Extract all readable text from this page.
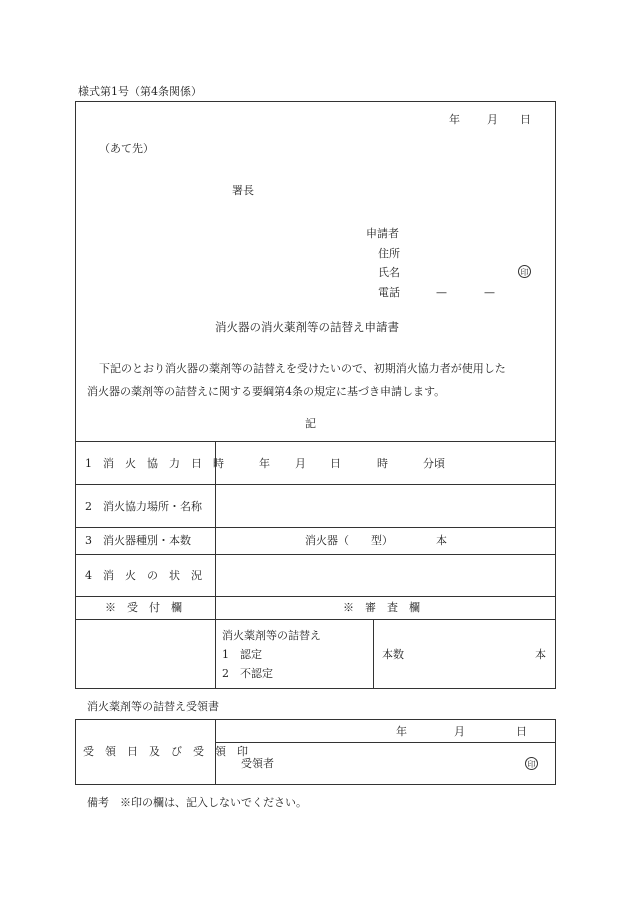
様式第1号（第4条関係）
年 月 日
（あて先）
署長
申請者
住所
氏名	印
電話	—	—
消火器の消火薬剤等の詰替え申請書
下記のとおり消火器の薬剤等の詰替えを受けたいので、初期消火協力者が使用した
消火器の薬剤等の詰替えに関する要綱第4条の規定に基づき申請します。
記
1　消　火　協　力　日　時	年 月 日	時	分頃
2　消火協力場所・名称
3　消火器種別・本数	消火器（　　型）	本
4　消　火　の　状　況
※　受　付　欄	※　審　査　欄
消火薬剤等の詰替え
1　認定
2　不認定
本数	本
消火薬剤等の詰替え受領書
受　領　日　及　び　受　領　印
年	月	日
受領者	印
備考　※印の欄は、記入しないでください。
